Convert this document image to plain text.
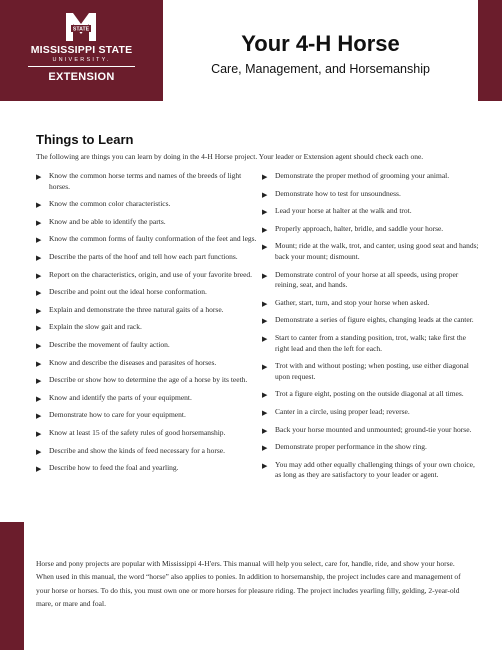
STATE
MISSISSIPPI STATE
UNIVERSITY.
EXTENSION
Your 4-H Horse
Care, Management, and Horsemanship
Things to Learn

The following are things you can learn by doing in the 4-H Horse project. Your leader or Extension agent should check each one.

▶ Know the common horse terms and names of the breeds of light horses.
▶ Know the common color characteristics.
▶ Know and be able to identify the parts.
▶ Know the common forms of faulty conformation of the feet and legs.
▶ Describe the parts of the hoof and tell how each part functions.
▶ Report on the characteristics, origin, and use of your favorite breed.
▶ Describe and point out the ideal horse conformation.
▶ Explain and demonstrate the three natural gaits of a horse.
▶ Explain the slow gait and rack.
▶ Describe the movement of faulty action.
▶ Know and describe the diseases and parasites of horses.
▶ Describe or show how to determine the age of a horse by its teeth.
▶ Know and identify the parts of your equipment.
▶ Demonstrate how to care for your equipment.
▶ Know at least 15 of the safety rules of good horsemanship.
▶ Describe and show the kinds of feed necessary for a horse.
▶ Describe how to feed the foal and yearling.
▶ Demonstrate the proper method of grooming your animal.
▶ Demonstrate how to test for unsoundness.
▶ Lead your horse at halter at the walk and trot.
▶ Properly approach, halter, bridle, and saddle your horse.
▶ Mount; ride at the walk, trot, and canter, using good seat and hands; back your mount; dismount.
▶ Demonstrate control of your horse at all speeds, using proper reining, seat, and hands.
▶ Gather, start, turn, and stop your horse when asked.
▶ Demonstrate a series of figure eights, changing leads at the canter.
▶ Start to canter from a standing position, trot, walk; take first the right lead and then the left for each.
▶ Trot with and without posting; when posting, use either diagonal upon request.
▶ Trot a figure eight, posting on the outside diagonal at all times.
▶ Canter in a circle, using proper lead; reverse.
▶ Back your horse mounted and unmounted; ground-tie your horse.
▶ Demonstrate proper performance in the show ring.
▶ You may add other equally challenging things of your own choice, as long as they are satisfactory to your leader or agent.

Horse and pony projects are popular with Mississippi 4-H'ers. This manual will help you select, care for, handle, ride, and show your horse. When used in this manual, the word “horse” also applies to ponies. In addition to horsemanship, the project includes care and management of your horse or horses. To do this, you must own one or more horses for pleasure riding. The project includes yearling filly, gelding, 2-year-old mare, or mare and foal.
